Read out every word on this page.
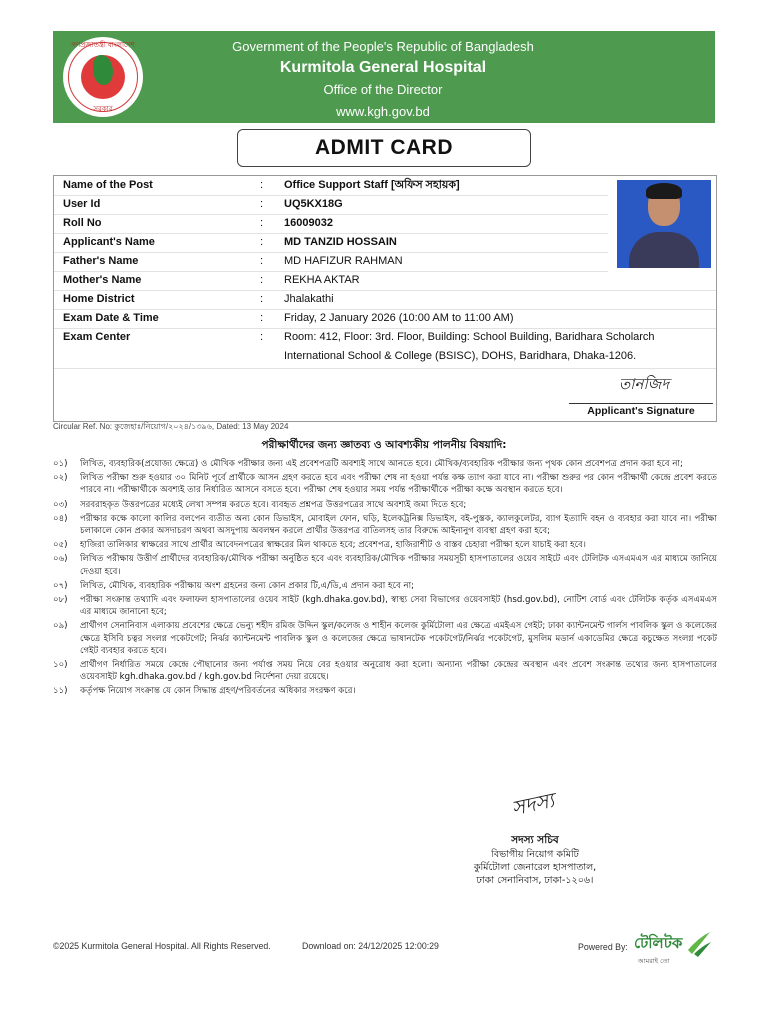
গণপ্রজাতন্ত্রী বাংলাদেশ
সরকার
Government of the People's Republic of Bangladesh
Kurmitola General Hospital
Office of the Director
www.kgh.gov.bd
ADMIT CARD
Name of the Post	: Office Support Staff [অফিস সহায়ক]
User Id	: UQ5KX18G
Roll No	: 16009032
Applicant's Name	: MD TANZID HOSSAIN
Father's Name	: MD HAFIZUR RAHMAN
Mother's Name	: REKHA AKTAR
Home District	: Jhalakathi
Exam Date & Time	: Friday, 2 January 2026 (10:00 AM to 11:00 AM)
Exam Center	: Room: 412, Floor: 3rd. Floor, Building: School Building, Baridhara Scholarch International School & College (BSISC), DOHS, Baridhara, Dhaka-1206.
তানজিদ
Applicant's Signature
Circular Ref. No: কুজেহাঃ/নিয়োগ/২০২৪/১৩৯৬, Dated: 13 May 2024
পরীক্ষার্থীদের জন্য জ্ঞাতব্য ও আবশ্যকীয় পালনীয় বিষয়াদি:
০১)	লিখিত, ব্যবহারিক(প্রযোজ্য ক্ষেত্রে) ও মৌখিক পরীক্ষার জন্য এই প্রবেশপত্রটি অবশ্যই সাথে আনতে হবে। মৌখিক/ব্যবহারিক পরীক্ষার জন্য পৃথক কোন প্রবেশপত্র প্রদান করা হবে না;
০২)	লিখিত পরীক্ষা শুরু হওয়ার ৩০ মিনিট পূর্বে প্রার্থীকে আসন গ্রহণ করতে হবে এবং পরীক্ষা শেষ না হওয়া পর্যন্ত কক্ষ ত্যাগ করা যাবে না। পরীক্ষা শুরুর পর কোন পরীক্ষার্থী কেন্দ্রে প্রবেশ করতে পারবে না। পরীক্ষার্থীকে অবশ্যই তার নির্ধারিত আসনে বসতে হবে। পরীক্ষা শেষ হওয়ার সময় পর্যন্ত পরীক্ষার্থীকে পরীক্ষা কক্ষে অবস্থান করতে হবে।
০৩)	সরবরাহকৃত উত্তরপত্রের মধ্যেই লেখা সম্পন্ন করতে হবে। ব্যবহৃত প্রশ্নপত্র উত্তরপত্রের সাথে অবশ্যই জমা দিতে হবে;
০৪)	পরীক্ষার কক্ষে কালো কালির বলপেন ব্যতীত অন্য কোন ডিভাইস, মোবাইল ফোন, ঘড়ি, ইলেকট্রনিক্স ডিভাইস, বই-পুস্তক, ক্যালকুলেটর, ব্যাগ ইত্যাদি বহন ও ব্যবহার করা যাবে না। পরীক্ষা চলাকালে কোন প্রকার অসদাচরণ অথবা অসদুপায় অবলম্বন করলে প্রার্থীর উত্তরপত্র বাতিলসহ তার বিরুদ্ধে আইনানুগ ব্যবস্থা গ্রহণ করা হবে;
০৫)	হাজিরা তালিকার স্বাক্ষরের সাথে প্রার্থীর আবেদনপত্রের স্বাক্ষরের মিল থাকতে হবে; প্রবেশপত্র, হাজিরাশীট ও বাস্তব চেহারা পরীক্ষা হলে যাচাই করা হবে।
০৬)	লিখিত পরীক্ষায় উত্তীর্ণ প্রার্থীদের ব্যবহারিক/মৌখিক পরীক্ষা অনুষ্ঠিত হবে এবং ব্যবহারিক/মৌখিক পরীক্ষার সময়সূচী হাসপাতালের ওয়েব সাইটে এবং টেলিটক এসএমএস এর মাধ্যমে জানিয়ে দেওয়া হবে।
০৭)	লিখিত, মৌখিক, ব্যবহারিক পরীক্ষায় অংশ গ্রহনের জন্য কোন প্রকার টি,এ/ডি,এ প্রদান করা হবে না;
০৮)	পরীক্ষা সংক্রান্ত তথ্যাদি এবং ফলাফল হাসপাতালের ওয়েব সাইট (kgh.dhaka.gov.bd), স্বাস্থ্য সেবা বিভাগের ওয়েবসাইট (hsd.gov.bd), নোটিশ বোর্ড এবং টেলিটক কর্তৃক এসএমএস এর মাধ্যমে জানানো হবে;
০৯)	প্রার্থীগণ সেনানিবাস এলাকায় প্রবেশের ক্ষেত্রে ভেন্যু শহীদ রমিজ উদ্দিন স্কুল/কলেজ ও শাহীন কলেজ কুর্মিটোলা এর ক্ষেত্রে এমইএস গেইট; ঢাকা ক্যান্টনমেন্ট গার্লস পাবলিক স্কুল ও কলেজের ক্ষেত্রে ইসিবি চত্বর সংলগ্ন পকেটগেট; নির্ঝর ক্যান্টনমেন্ট পাবলিক স্কুল ও কলেজের ক্ষেত্রে ভাষানটেক পকেটগেট/নির্ঝর পকেটগেট, মুসলিম মডার্ন একাডেমির ক্ষেত্রে কচুক্ষেত সংলগ্ন পকেট গেইট ব্যবহার করতে হবে।
১০)	প্রার্থীগণ নির্ধারিত সময়ে কেন্দ্রে পৌছানোর জন্য পর্যাপ্ত সময় নিয়ে বের হওয়ার অনুরোধ করা হলো। অন্যান্য পরীক্ষা কেন্দ্রের অবস্থান এবং প্রবেশ সংক্রান্ত তথ্যের জন্য হাসপাতালের ওয়েবসাইট kgh.dhaka.gov.bd / kgh.gov.bd নির্দেশনা দেয়া রয়েছে।
১১)	কর্তৃপক্ষ নিয়োগ সংক্রান্ত যে কোন সিদ্ধান্ত গ্রহণ/পরিবর্তনের অধিকার সংরক্ষণ করে।
সদস্য
সদস্য সচিব
বিভাগীয় নিয়োগ কমিটি
কুর্মিটোলা জেনারেল হাসপাতাল,
ঢাকা সেনানিবাস, ঢাকা-১২০৬।
©2025 Kurmitola General Hospital. All Rights Reserved.	Download on: 24/12/2025 12:00:29	Powered By: টেলিটক
আমরাই তো
